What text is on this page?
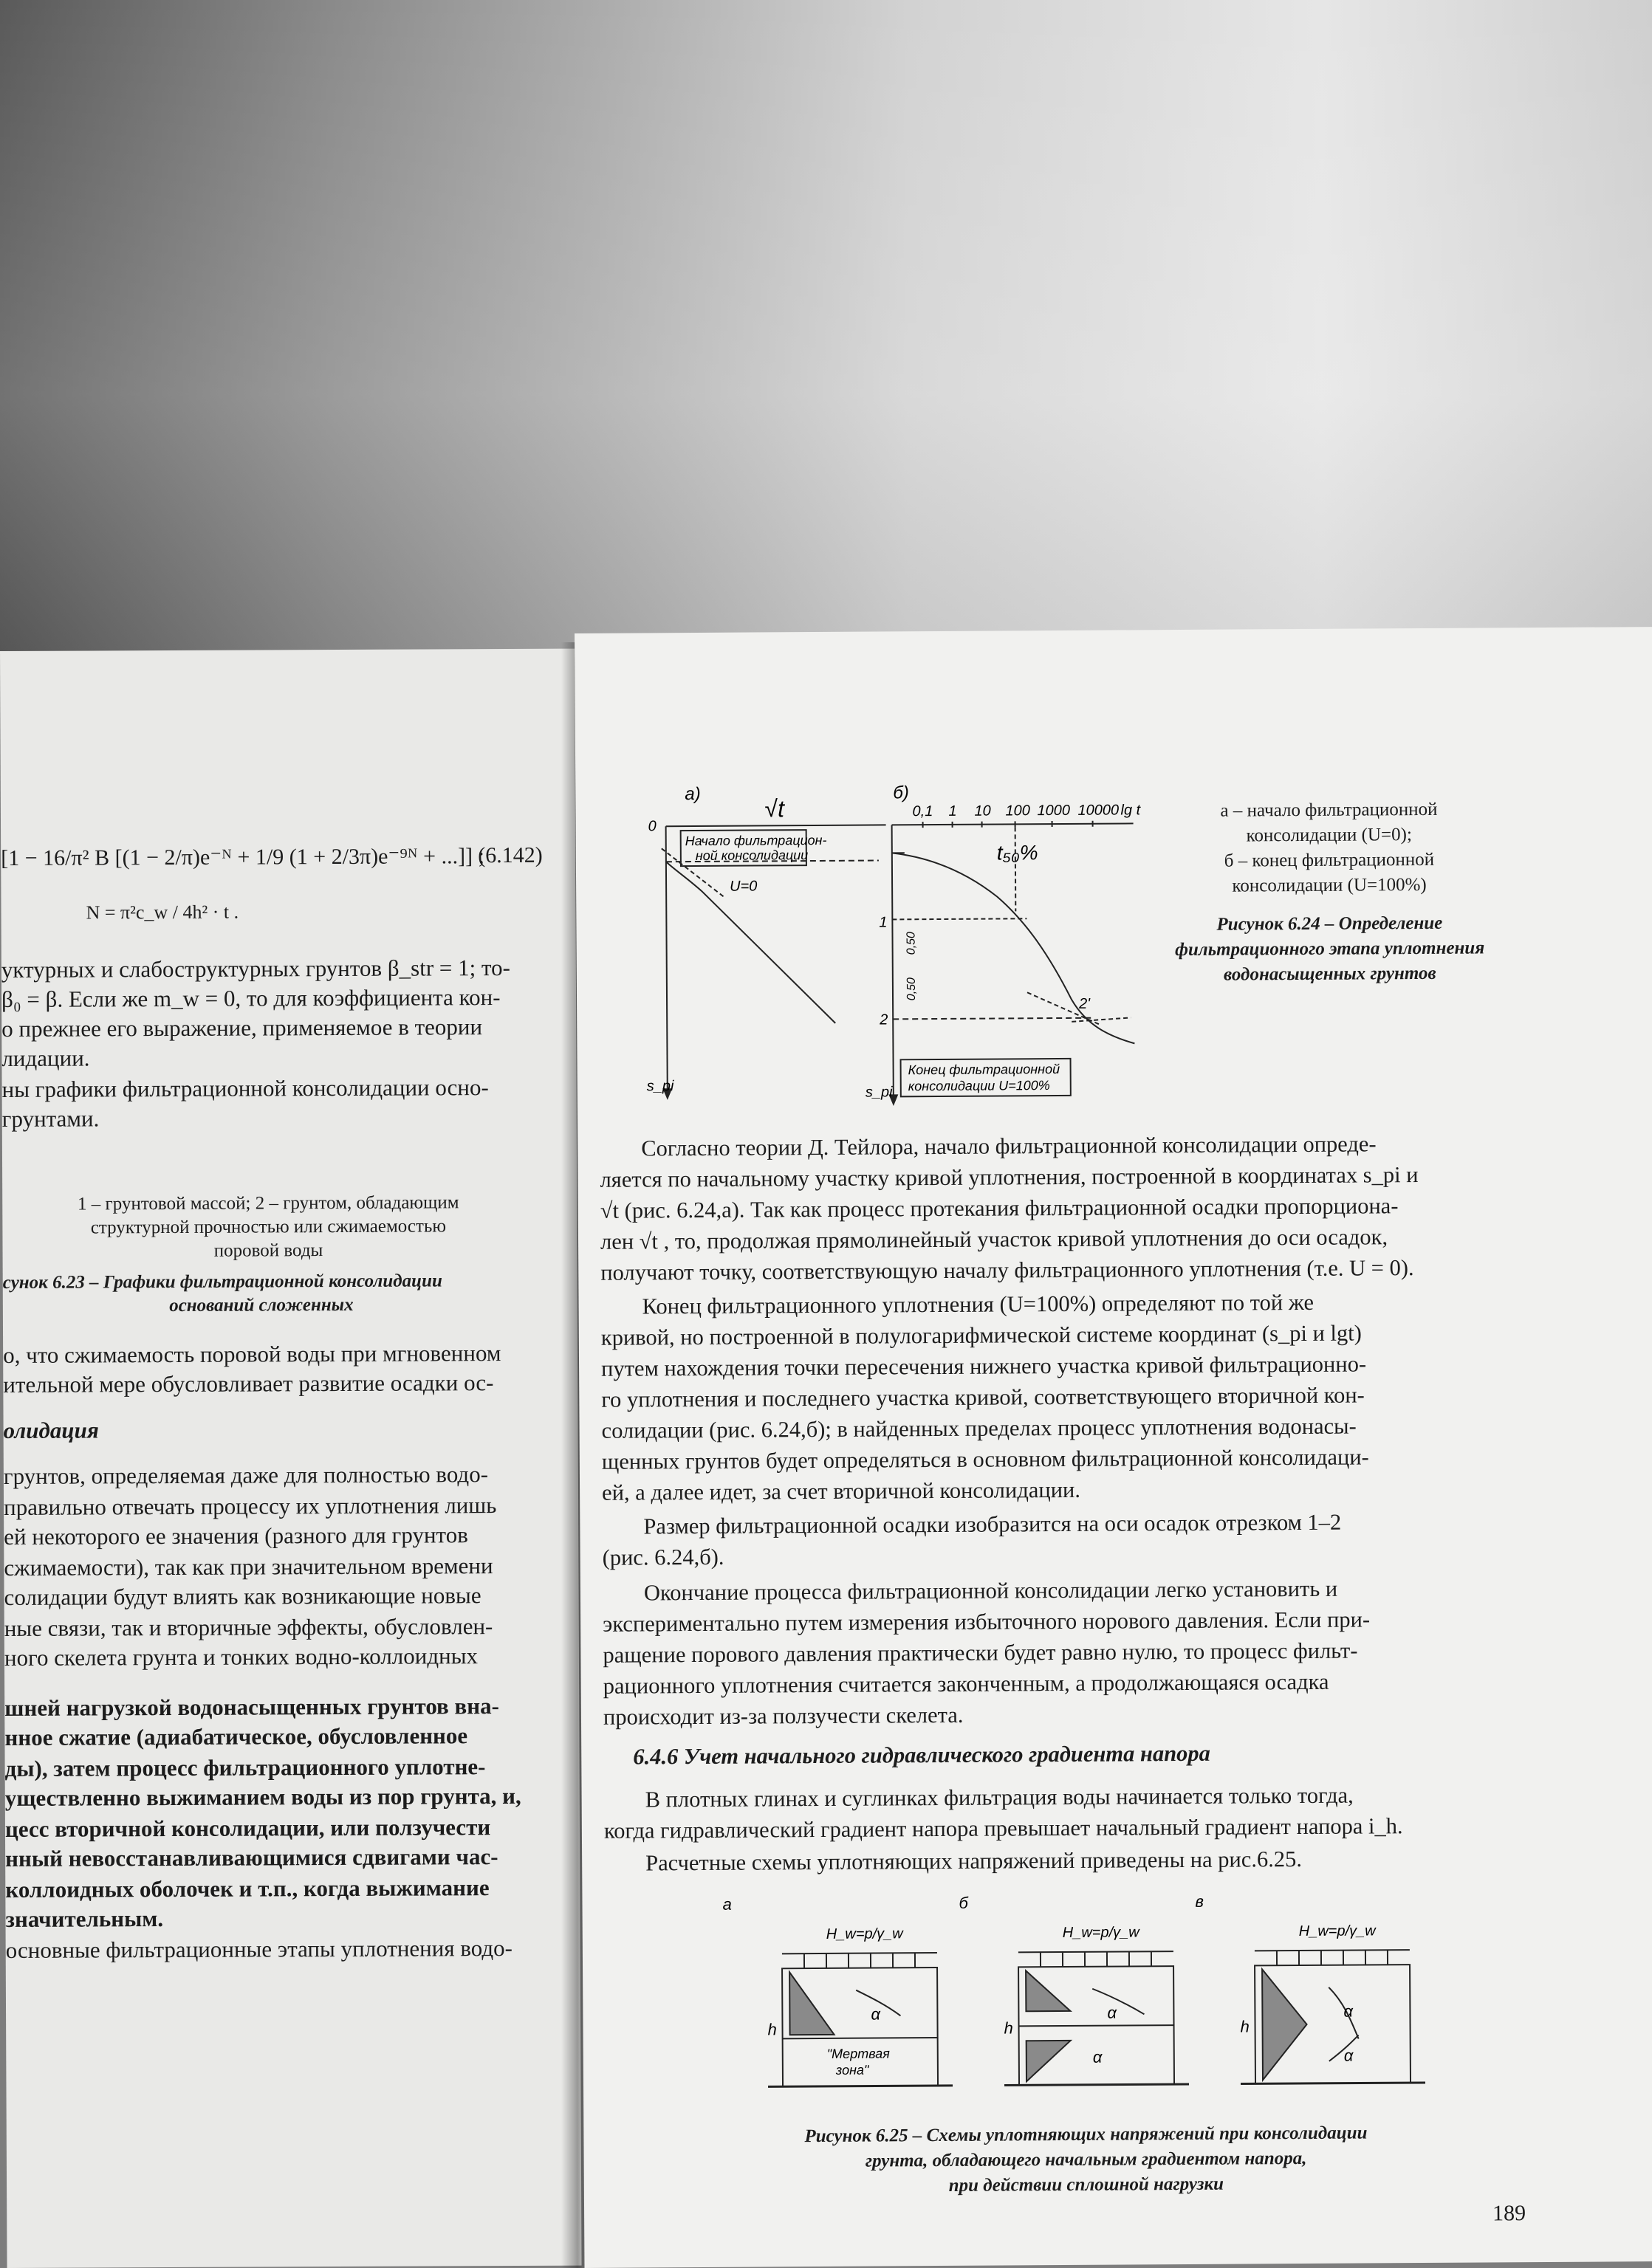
[1 − 16/π² B [(1 − 2/π)e⁻ᴺ + 1/9 (1 + 2/3π)e⁻⁹ᴺ + ...]] ;
(6.142)
N = π²c_w / 4h² · t .
уктурных и слабоструктурных грунтов β_str = 1; то-
β₀ = β. Если же m_w = 0, то для коэффициента кон-
о прежнее его выражение, применяемое в теории
лидации.
ны графики фильтрационной консолидации осно-
грунтами.
1 – грунтовой массой; 2 – грунтом, обладающим
структурной прочностью или сжимаемостью
поровой воды
сунок 6.23 – Графики фильтрационной консолидации
оснований сложенных
о, что сжимаемость поровой воды при мгновенном
ительной мере обусловливает развитие осадки ос-
олидация
грунтов, определяемая даже для полностью водо-
правильно отвечать процессу их уплотнения лишь
ей некоторого ее значения (разного для грунтов
сжимаемости), так как при значительном времени
солидации будут влиять как возникающие новые
ные связи, так и вторичные эффекты, обусловлен-
ного скелета грунта и тонких водно-коллоидных
шней нагрузкой водонасыщенных грунтов вна-
нное сжатие (адиабатическое, обусловленное
ды), затем процесс фильтрационного уплотне-
уществленно выжиманием воды из пор грунта, и,
цесс вторичной консолидации, или ползучести
нный невосстанавливающимися сдвигами час-
коллоидных оболочек и т.п., когда выжимание
значительным.
основные фильтрационные этапы уплотнения водо-
а)
√t
б)
0,1 1 10 100 1000 10000 lg t
t₅₀%
Начало фильтрацион-
ной консолидации
U=0
0
1
2
2'
s_pi	s_pi
0,50
0,50
Конец фильтрационной
консолидации U=100%
а – начало фильтрационной
консолидации (U=0);
б – конец фильтрационной
консолидации (U=100%)
Рисунок 6.24 – Определение
фильтрационного этапа уплотнения
водонасыщенных грунтов
Согласно теории Д. Тейлора, начало фильтрационной консолидации опреде-
ляется по начальному участку кривой уплотнения, построенной в координатах s_pi и
√t (рис. 6.24,а). Так как процесс протекания фильтрационной осадки пропорциона-
лен √t , то, продолжая прямолинейный участок кривой уплотнения до оси осадок,
получают точку, соответствующую началу фильтрационного уплотнения (т.е. U = 0).
Конец фильтрационного уплотнения (U=100%) определяют по той же
кривой, но построенной в полулогарифмической системе координат (s_pi и lgt)
путем нахождения точки пересечения нижнего участка кривой фильтрационно-
го уплотнения и последнего участка кривой, соответствующего вторичной кон-
солидации (рис. 6.24,б); в найденных пределах процесс уплотнения водонасы-
щенных грунтов будет определяться в основном фильтрационной консолидаци-
ей, а далее идет, за счет вторичной консолидации.
Размер фильтрационной осадки изобразится на оси осадок отрезком 1–2
(рис. 6.24,б).
Окончание процесса фильтрационной консолидации легко установить и
экспериментально путем измерения избыточного норового давления. Если при-
ращение порового давления практически будет равно нулю, то процесс фильт-
рационного уплотнения считается законченным, а продолжающаяся осадка
происходит из-за ползучести скелета.
6.4.6 Учет начального гидравлического градиента напора
В плотных глинах и суглинках фильтрация воды начинается только тогда,
когда гидравлический градиент напора превышает начальный градиент напора i_h.
Расчетные схемы уплотняющих напряжений приведены на рис.6.25.
а	б	в
H_w=p/γ_w	H_w=p/γ_w	H_w=p/γ_w
α	α
α
α
α
h	h	h
"Мертвая
зона"
Рисунок 6.25 – Схемы уплотняющих напряжений при консолидации
грунта, обладающего начальным градиентом напора,
при действии сплошной нагрузки
189
